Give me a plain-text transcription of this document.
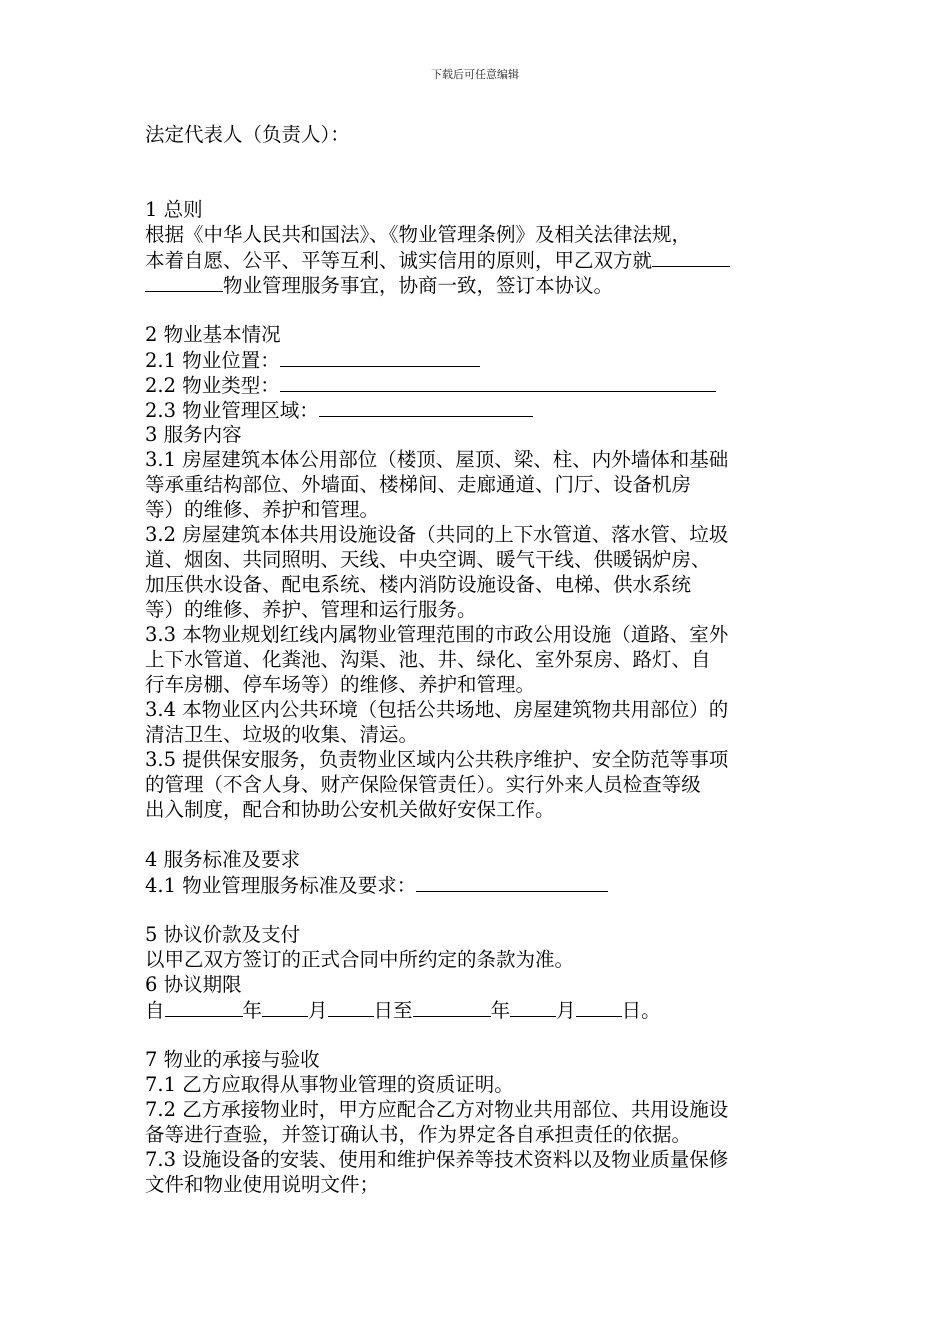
下载后可任意编辑
法定代表人（负责人）：
1 总则
根据《中华人民共和国法》、《物业管理条例》及相关法律法规，
本着自愿、公平、平等互利、诚实信用的原则，甲乙双方就
物业管理服务事宜，协商一致，签订本协议。
2 物业基本情况
2.1 物业位置：
2.2 物业类型：
2.3 物业管理区域：
3 服务内容
3.1 房屋建筑本体公用部位（楼顶、屋顶、梁、柱、内外墙体和基础
等承重结构部位、外墙面、楼梯间、走廊通道、门厅、设备机房
等）的维修、养护和管理。
3.2 房屋建筑本体共用设施设备（共同的上下水管道、落水管、垃圾
道、烟囱、共同照明、天线、中央空调、暖气干线、供暖锅炉房、
加压供水设备、配电系统、楼内消防设施设备、电梯、供水系统
等）的维修、养护、管理和运行服务。
3.3 本物业规划红线内属物业管理范围的市政公用设施（道路、室外
上下水管道、化粪池、沟渠、池、井、绿化、室外泵房、路灯、自
行车房棚、停车场等）的维修、养护和管理。
3.4 本物业区内公共环境（包括公共场地、房屋建筑物共用部位）的
清洁卫生、垃圾的收集、清运。
3.5 提供保安服务，负责物业区域内公共秩序维护、安全防范等事项
的管理（不含人身、财产保险保管责任）。实行外来人员检查等级
出入制度，配合和协助公安机关做好安保工作。
4 服务标准及要求
4.1 物业管理服务标准及要求：
5 协议价款及支付
以甲乙双方签订的正式合同中所约定的条款为准。
6 协议期限
自	年 月 日至	年 月 日。
7 物业的承接与验收
7.1 乙方应取得从事物业管理的资质证明。
7.2 乙方承接物业时，甲方应配合乙方对物业共用部位、共用设施设
备等进行查验，并签订确认书，作为界定各自承担责任的依据。
7.3 设施设备的安装、使用和维护保养等技术资料以及物业质量保修
文件和物业使用说明文件；
